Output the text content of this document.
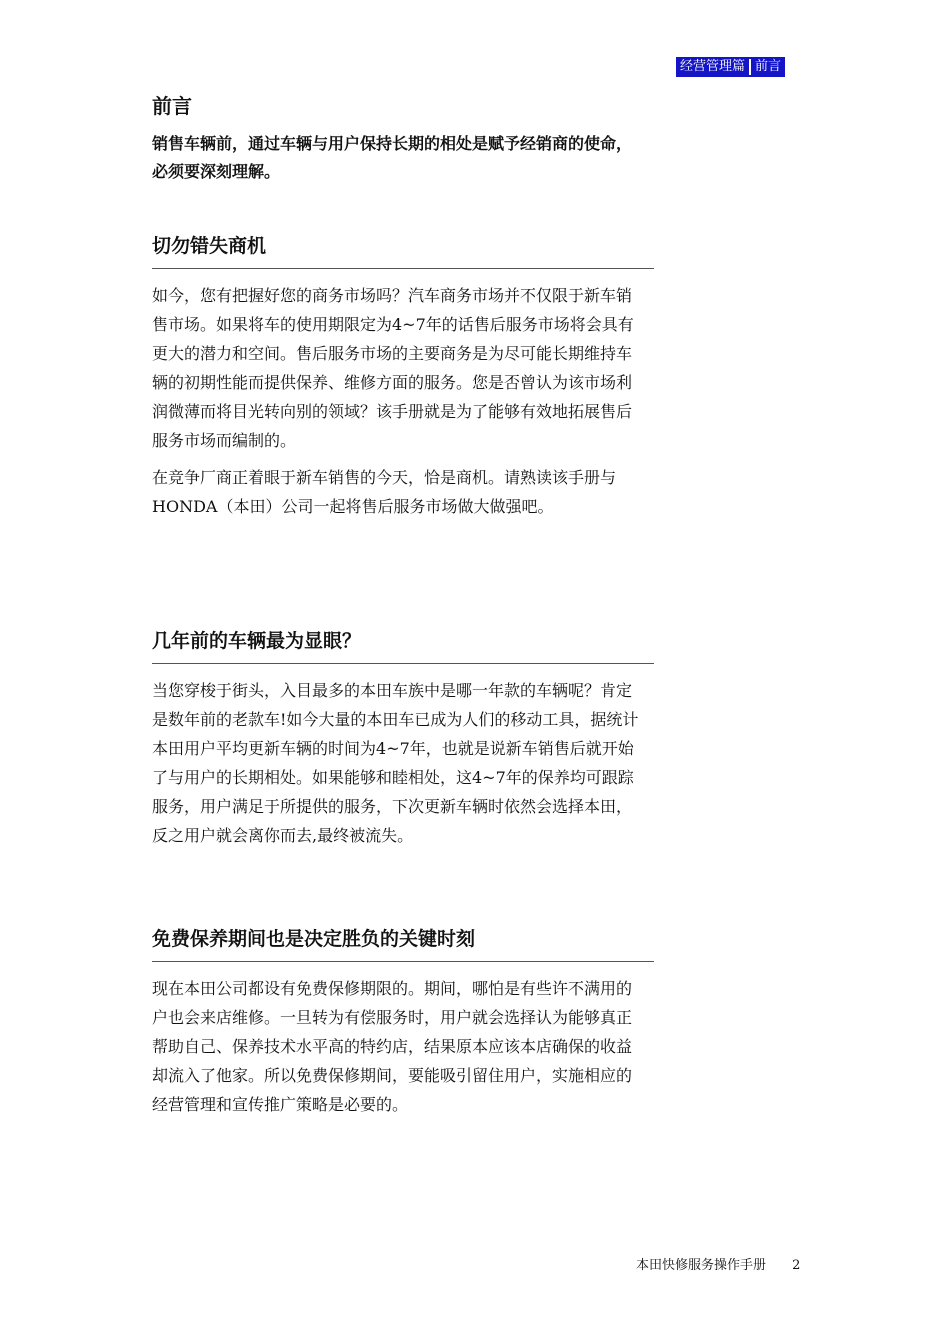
经营管理篇 前言
前言

销售车辆前，通过车辆与用户保持长期的相处是赋予经销商的使命，必须要深刻理解。

切勿错失商机

如今，您有把握好您的商务市场吗？汽车商务市场并不仅限于新车销售市场。如果将车的使用期限定为4~7年的话售后服务市场将会具有更大的潜力和空间。售后服务市场的主要商务是为尽可能长期维持车辆的初期性能而提供保养、维修方面的服务。您是否曾认为该市场利润微薄而将目光转向别的领域？该手册就是为了能够有效地拓展售后服务市场而编制的。

在竞争厂商正着眼于新车销售的今天，恰是商机。请熟读该手册与HONDA（本田）公司一起将售后服务市场做大做强吧。

几年前的车辆最为显眼？

当您穿梭于街头，入目最多的本田车族中是哪一年款的车辆呢？肯定是数年前的老款车!如今大量的本田车已成为人们的移动工具，据统计本田用户平均更新车辆的时间为4~7年，也就是说新车销售后就开始了与用户的长期相处。如果能够和睦相处，这4~7年的保养均可跟踪服务，用户满足于所提供的服务，下次更新车辆时依然会选择本田，反之用户就会离你而去,最终被流失。

免费保养期间也是决定胜负的关键时刻

现在本田公司都设有免费保修期限的。期间，哪怕是有些许不满用的户也会来店维修。一旦转为有偿服务时，用户就会选择认为能够真正帮助自己、保养技术水平高的特约店，结果原本应该本店确保的收益却流入了他家。所以免费保修期间，要能吸引留住用户，实施相应的经营管理和宣传推广策略是必要的。

本田快修服务操作手册 2
